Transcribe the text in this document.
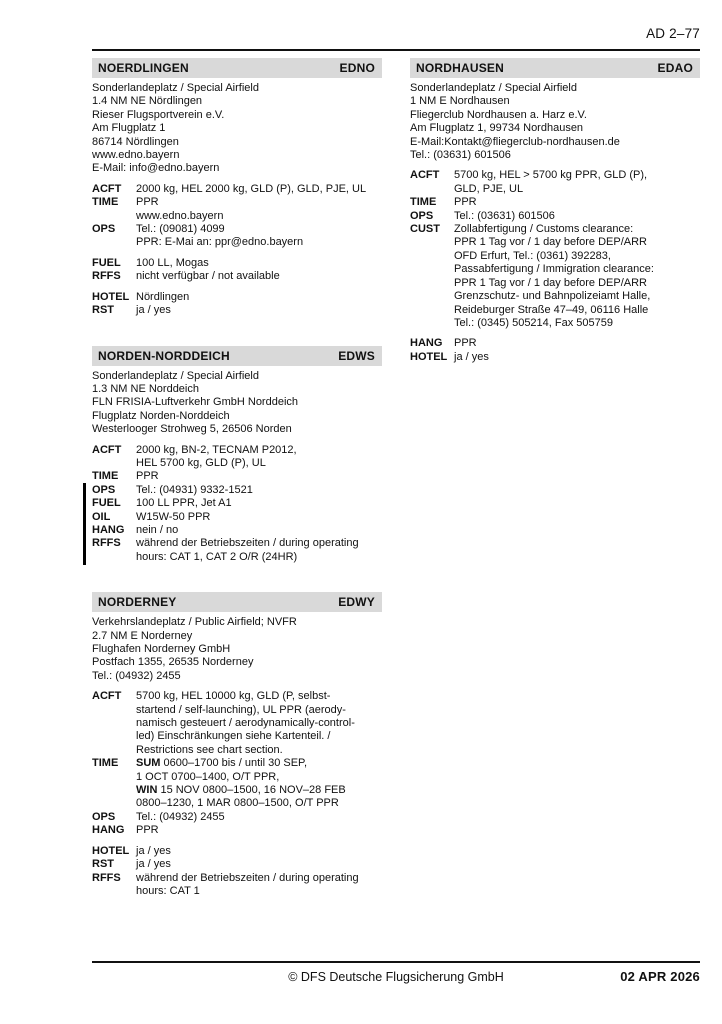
AD 2–77
NOERDLINGEN	EDNO
Sonderlandeplatz / Special Airfield
1.4 NM NE Nördlingen
Rieser Flugsportverein e.V.
Am Flugplatz 1
86714 Nördlingen
www.edno.bayern
E-Mail: info@edno.bayern
ACFT	2000 kg, HEL 2000 kg, GLD (P), GLD, PJE, UL
TIME	PPR
www.edno.bayern
OPS	Tel.: (09081) 4099
PPR: E-Mai an: ppr@edno.bayern
FUEL	100 LL, Mogas
RFFS	nicht verfügbar / not available
HOTEL Nördlingen
RST	ja / yes
NORDEN-NORDDEICH	EDWS
Sonderlandeplatz / Special Airfield
1.3 NM NE Norddeich
FLN FRISIA-Luftverkehr GmbH Norddeich
Flugplatz Norden-Norddeich
Westerlooger Strohweg 5, 26506 Norden
ACFT	2000 kg, BN-2, TECNAM P2012,
HEL 5700 kg, GLD (P), UL
TIME	PPR
OPS	Tel.: (04931) 9332-1521
FUEL	100 LL PPR, Jet A1
OIL	W15W-50 PPR
HANG	nein / no
RFFS	während der Betriebszeiten / during operating
hours: CAT 1, CAT 2 O/R (24HR)
NORDERNEY	EDWY
Verkehrslandeplatz / Public Airfield; NVFR
2.7 NM E Norderney
Flughafen Norderney GmbH
Postfach 1355, 26535 Norderney
Tel.: (04932) 2455
ACFT	5700 kg, HEL 10000 kg, GLD (P, selbst-
startend / self-launching), UL PPR (aerody-
namisch gesteuert / aerodynamically-control-
led) Einschränkungen siehe Kartenteil. /
Restrictions see chart section.
TIME	SUM 0600–1700 bis / until 30 SEP,
1 OCT 0700–1400, O/T PPR,
WIN 15 NOV 0800–1500, 16 NOV–28 FEB
0800–1230, 1 MAR 0800–1500, O/T PPR
OPS	Tel.: (04932) 2455
HANG	PPR
HOTEL ja / yes
RST	ja / yes
RFFS	während der Betriebszeiten / during operating
hours: CAT 1
NORDHAUSEN	EDAO
Sonderlandeplatz / Special Airfield
1 NM E Nordhausen
Fliegerclub Nordhausen a. Harz e.V.
Am Flugplatz 1, 99734 Nordhausen
E-Mail:Kontakt@fliegerclub-nordhausen.de
Tel.: (03631) 601506
ACFT	5700 kg, HEL > 5700 kg PPR, GLD (P),
GLD, PJE, UL
TIME	PPR
OPS	Tel.: (03631) 601506
CUST	Zollabfertigung / Customs clearance:
PPR 1 Tag vor / 1 day before DEP/ARR
OFD Erfurt, Tel.: (0361) 392283,
Passabfertigung / Immigration clearance:
PPR 1 Tag vor / 1 day before DEP/ARR
Grenzschutz- und Bahnpolizeiamt Halle,
Reideburger Straße 47–49, 06116 Halle
Tel.: (0345) 505214, Fax 505759
HANG	PPR
HOTEL ja / yes
© DFS Deutsche Flugsicherung GmbH	02 APR 2026
